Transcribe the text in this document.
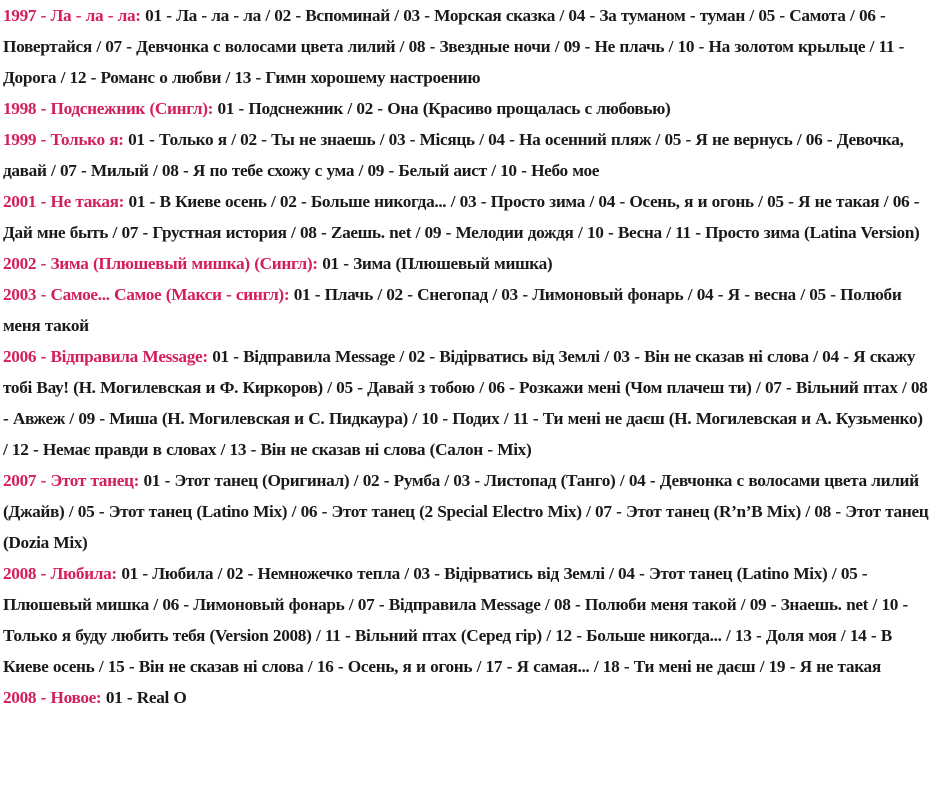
1997 - Ла - ла - ла: 01 - Ла - ла - ла / 02 - Вспоминай / 03 - Морская сказка / 04 - За туманом - туман / 05 - Самота / 06 - Повертайся / 07 - Девчонка с волосами цвета лилий / 08 - Звездные ночи / 09 - Не плачь / 10 - На золотом крыльце / 11 - Дорога / 12 - Романс о любви / 13 - Гимн хорошему настроению

1998 - Подснежник (Сингл): 01 - Подснежник / 02 - Она (Красиво прощалась с любовью)

1999 - Только я: 01 - Только я / 02 - Ты не знаешь / 03 - Місяць / 04 - На осенний пляж / 05 - Я не вернусь / 06 - Девочка, давай / 07 - Милый / 08 - Я по тебе схожу с ума / 09 - Белый аист / 10 - Небо мое

2001 - Не такая: 01 - В Киеве осень / 02 - Больше никогда... / 03 - Просто зима / 04 - Осень, я и огонь / 05 - Я не такая / 06 - Дай мне быть / 07 - Грустная история / 08 - Zаешь. net / 09 - Мелодии дождя / 10 - Весна / 11 - Просто зима (Latina Version)

2002 - Зима (Плюшевый мишка) (Сингл): 01 - Зима (Плюшевый мишка)

2003 - Самое... Самое (Макси - сингл): 01 - Плачь / 02 - Снегопад / 03 - Лимоновый фонарь / 04 - Я - весна / 05 - Полюби меня такой

2006 - Відправила Message: 01 - Відправила Message / 02 - Відірватись від Землі / 03 - Він не сказав ні слова / 04 - Я скажу тобі Вау! (Н. Могилевская и Ф. Киркоров) / 05 - Давай з тобою / 06 - Розкажи мені (Чом плачеш ти) / 07 - Вільний птах / 08 - Авжеж / 09 - Миша (Н. Могилевская и С. Пидкаура) / 10 - Подих / 11 - Ти мені не даєш (Н. Могилевская и А. Кузьменко) / 12 - Немає правди в словах / 13 - Він не сказав ні слова (Салон - Mix)

2007 - Этот танец: 01 - Этот танец (Оригинал) / 02 - Румба / 03 - Листопад (Танго) / 04 - Девчонка с волосами цвета лилий (Джайв) / 05 - Этот танец (Latino Mix) / 06 - Этот танец (2 Special Electro Mix) / 07 - Этот танец (R’n’B Mix) / 08 - Этот танец (Dozia Mix)

2008 - Любила: 01 - Любила / 02 - Немножечко тепла / 03 - Відірватись від Землі / 04 - Этот танец (Latino Mix) / 05 - Плюшевый мишка / 06 - Лимоновый фонарь / 07 - Відправила Message / 08 - Полюби меня такой / 09 - Знаешь. net / 10 - Только я буду любить тебя (Version 2008) / 11 - Вільний птах (Серед гір) / 12 - Больше никогда... / 13 - Доля моя / 14 - В Киеве осень / 15 - Він не сказав ні слова / 16 - Осень, я и огонь / 17 - Я самая... / 18 - Ти мені не даєш / 19 - Я не такая

2008 - Новое: 01 - Real O
